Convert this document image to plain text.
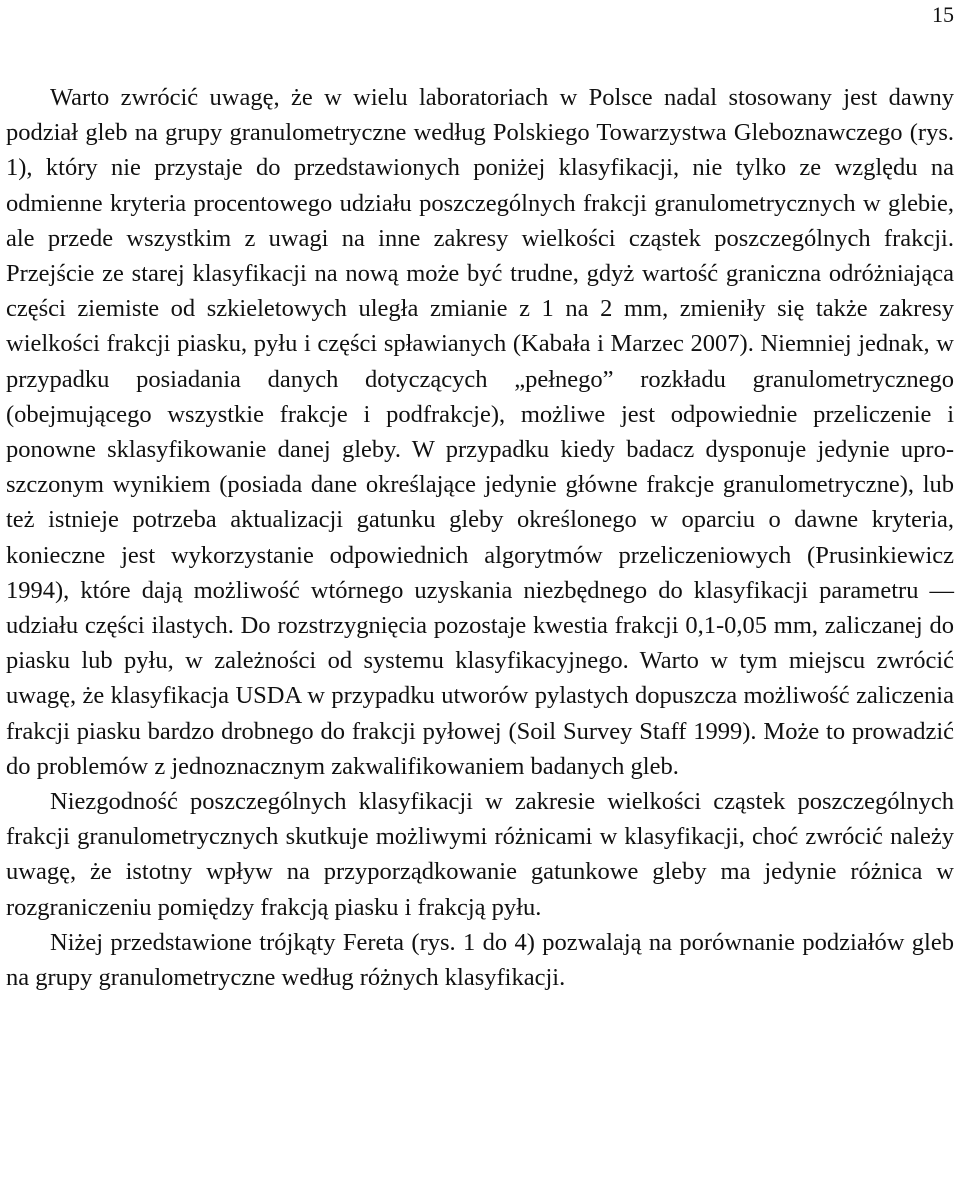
15

Warto zwrócić uwagę, że w wielu laboratoriach w Polsce nadal stosowany jest dawny podział gleb na grupy granulometryczne według Polskiego Towarzystwa Gleboznawczego (rys. 1), który nie przystaje do przedstawionych poniżej klasyfikacji, nie tylko ze względu na odmienne kryteria procentowego udziału poszczególnych frakcji granulometrycznych w glebie, ale przede wszystkim z uwagi na inne zakresy wielkości cząstek poszczególnych frakcji. Przejście ze starej klasyfikacji na nową może być trudne, gdyż wartość graniczna odróżniająca części ziemiste od szkieletowych uległa zmianie z 1 na 2 mm, zmieniły się także zakresy wielkości frakcji piasku, pyłu i części spławianych (Kabała i Marzec 2007). Niemniej jednak, w przypadku posiadania danych dotyczących „pełnego” rozkładu granulometrycznego (obejmującego wszystkie frakcje i podfrakcje), możliwe jest odpowiednie przeliczenie i ponowne sklasyfikowanie danej gleby. W przypadku kiedy badacz dysponuje jedynie uproszczonym wynikiem (posiada dane określające jedynie główne frakcje granulometryczne), lub też istnieje potrzeba aktualizacji gatunku gleby określonego w oparciu o dawne kryteria, konieczne jest wykorzystanie odpowiednich algorytmów przeliczeniowych (Prusinkiewicz 1994), które dają możliwość wtórnego uzyskania niezbędnego do klasyfikacji parametru — udziału części ilastych. Do rozstrzygnięcia pozostaje kwestia frakcji 0,1-0,05 mm, zaliczanej do piasku lub pyłu, w zależności od systemu klasyfikacyjnego. Warto w tym miejscu zwrócić uwagę, że klasyfikacja USDA w przypadku utworów pylastych dopuszcza możliwość zaliczenia frakcji piasku bardzo drobnego do frakcji pyłowej (Soil Survey Staff 1999). Może to prowadzić do problemów z jednoznacznym zakwalifikowaniem badanych gleb.

Niezgodność poszczególnych klasyfikacji w zakresie wielkości cząstek poszczególnych frakcji granulometrycznych skutkuje możliwymi różnicami w klasyfikacji, choć zwrócić należy uwagę, że istotny wpływ na przyporządkowanie gatunkowe gleby ma jedynie różnica w rozgraniczeniu pomiędzy frakcją piasku i frakcją pyłu.

Niżej przedstawione trójkąty Fereta (rys. 1 do 4) pozwalają na porównanie podziałów gleb na grupy granulometryczne według różnych klasyfikacji.
